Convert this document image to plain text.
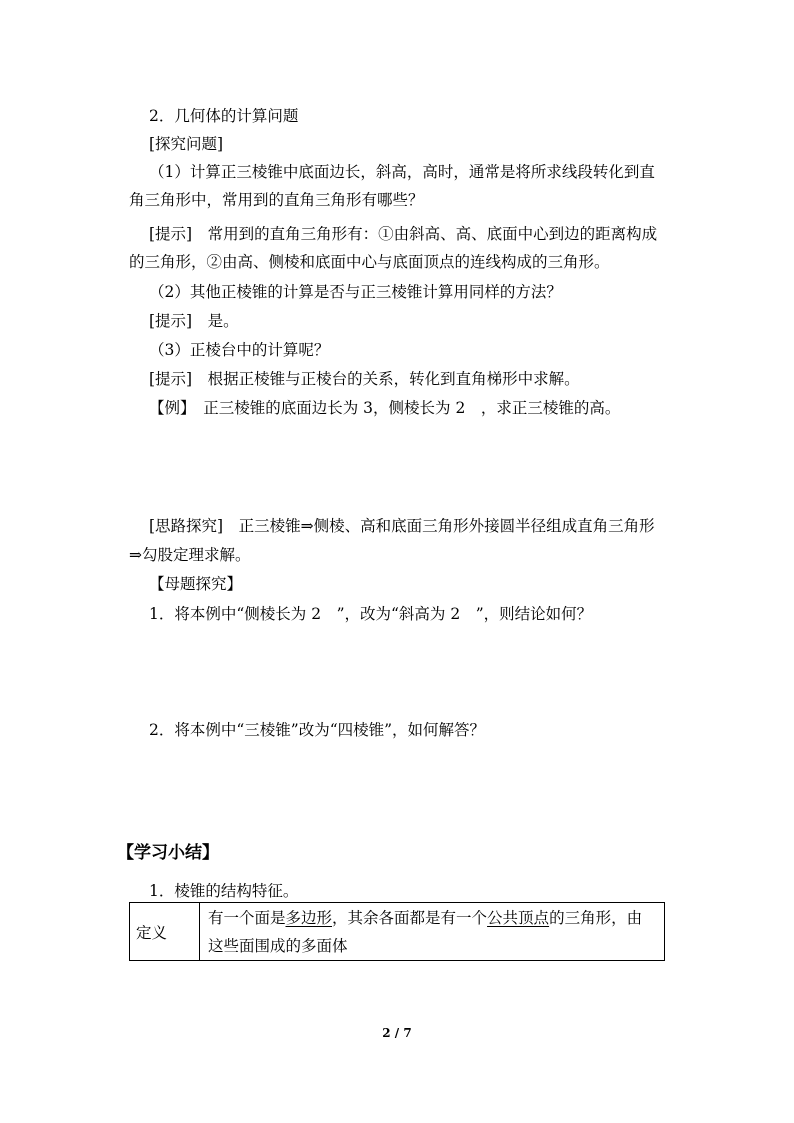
2．几何体的计算问题
[探究问题]
（1）计算正三棱锥中底面边长，斜高，高时，通常是将所求线段转化到直
角三角形中，常用到的直角三角形有哪些？
[提示]　常用到的直角三角形有：①由斜高、高、底面中心到边的距离构成
的三角形，②由高、侧棱和底面中心与底面顶点的连线构成的三角形。
（2）其他正棱锥的计算是否与正三棱锥计算用同样的方法？
[提示]　是。
（3）正棱台中的计算呢？
[提示]　根据正棱锥与正棱台的关系，转化到直角梯形中求解。
【例】　正三棱锥的底面边长为 3，侧棱长为 2　，求正三棱锥的高。
[思路探究]　正三棱锥⇒侧棱、高和底面三角形外接圆半径组成直角三角形
⇒勾股定理求解。
【母题探究】
1．将本例中“侧棱长为 2　”，改为“斜高为 2　”，则结论如何？
2．将本例中“三棱锥”改为“四棱锥”，如何解答？
【学习小结】
1．棱锥的结构特征。
定义	有一个面是多边形，其余各面都是有一个公共顶点的三角形，由
这些面围成的多面体
2 / 7
